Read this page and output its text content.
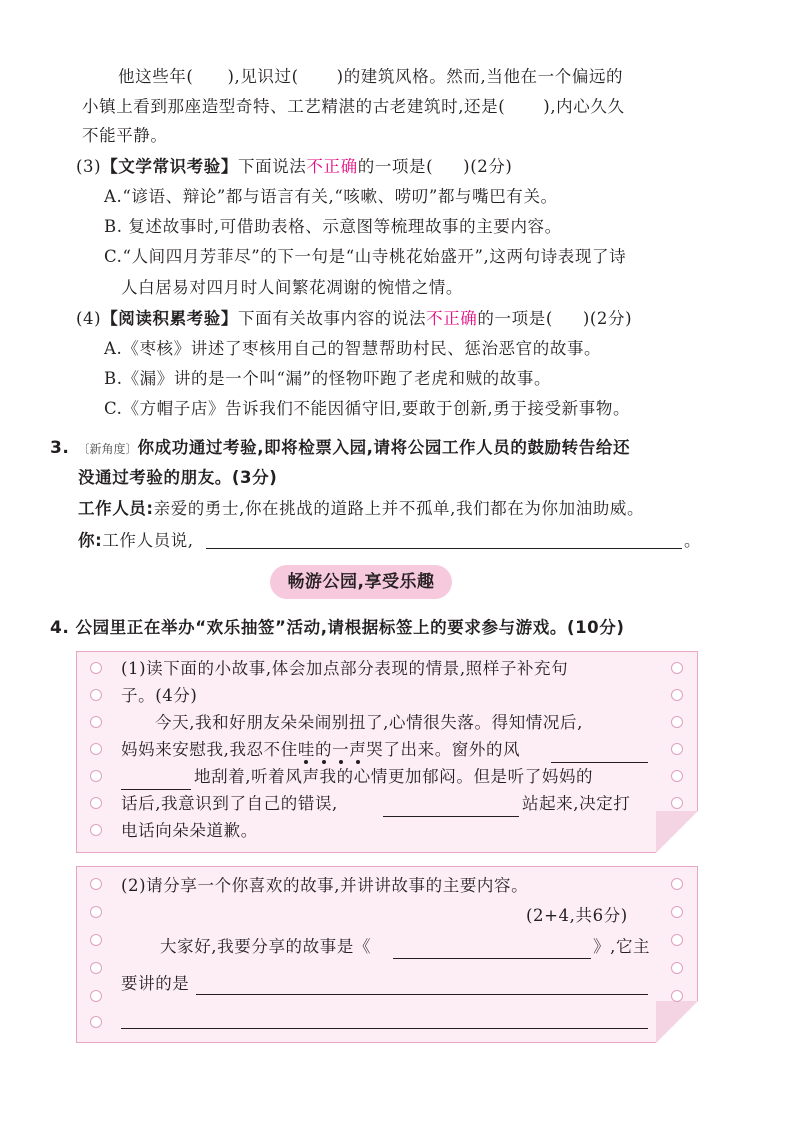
他这些年( ),见识过( )的建筑风格。然而,当他在一个偏远的
小镇上看到那座造型奇特、工艺精湛的古老建筑时,还是( ),内心久久
不能平静。
(3)【文学常识考验】下面说法不正确的一项是( )(2分)
A.“谚语、辩论”都与语言有关,“咳嗽、唠叨”都与嘴巴有关。
B. 复述故事时,可借助表格、示意图等梳理故事的主要内容。
C.“人间四月芳菲尽”的下一句是“山寺桃花始盛开”,这两句诗表现了诗
人白居易对四月时人间繁花凋谢的惋惜之情。
(4)【阅读积累考验】下面有关故事内容的说法不正确的一项是( )(2分)
A.《枣核》讲述了枣核用自己的智慧帮助村民、惩治恶官的故事。
B.《漏》讲的是一个叫“漏”的怪物吓跑了老虎和贼的故事。
C.《方帽子店》告诉我们不能因循守旧,要敢于创新,勇于接受新事物。
3. 〔新角度〕你成功通过考验,即将检票入园,请将公园工作人员的鼓励转告给还
没通过考验的朋友。(3分)
工作人员:亲爱的勇士,你在挑战的道路上并不孤单,我们都在为你加油助威。
你:工作人员说,	。
畅游公园,享受乐趣
4. 公园里正在举办“欢乐抽签”活动,请根据标签上的要求参与游戏。(10分)
(1)读下面的小故事,体会加点部分表现的情景,照样子补充句
子。(4分)
今天,我和好朋友朵朵闹别扭了,心情很失落。得知情况后,
妈妈来安慰我,我忍不住哇的一声哭了出来。窗外的风
地刮着,听着风声我的心情更加郁闷。但是听了妈妈的
话后,我意识到了自己的错误,	站起来,决定打
电话向朵朵道歉。
(2)请分享一个你喜欢的故事,并讲讲故事的主要内容。
(2+4,共6分)
大家好,我要分享的故事是《	》,它主
要讲的是
